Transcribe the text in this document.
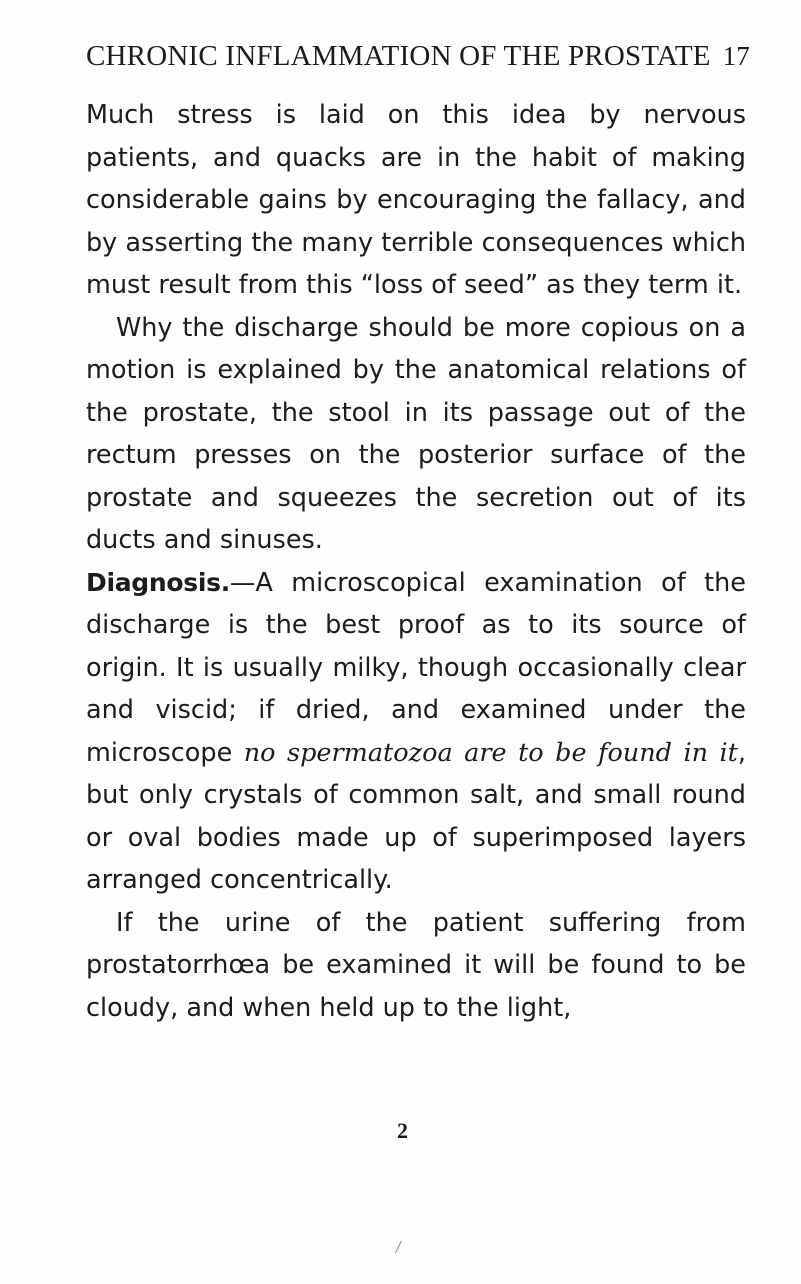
CHRONIC INFLAMMATION OF THE PROSTATE 17

Much stress is laid on this idea by nervous patients, and quacks are in the habit of making considerable gains by encouraging the fallacy, and by asserting the many terrible consequences which must result from this “loss of seed” as they term it.

Why the discharge should be more copious on a motion is explained by the anatomical relations of the prostate, the stool in its passage out of the rectum presses on the posterior surface of the prostate and squeezes the secretion out of its ducts and sinuses.

Diagnosis.—A microscopical examination of the discharge is the best proof as to its source of origin. It is usually milky, though occasionally clear and viscid; if dried, and examined under the microscope no spermatozoa are to be found in it, but only crystals of common salt, and small round or oval bodies made up of superimposed layers arranged concentrically.

If the urine of the patient suffering from prostatorrhœa be examined it will be found to be cloudy, and when held up to the light,

2
